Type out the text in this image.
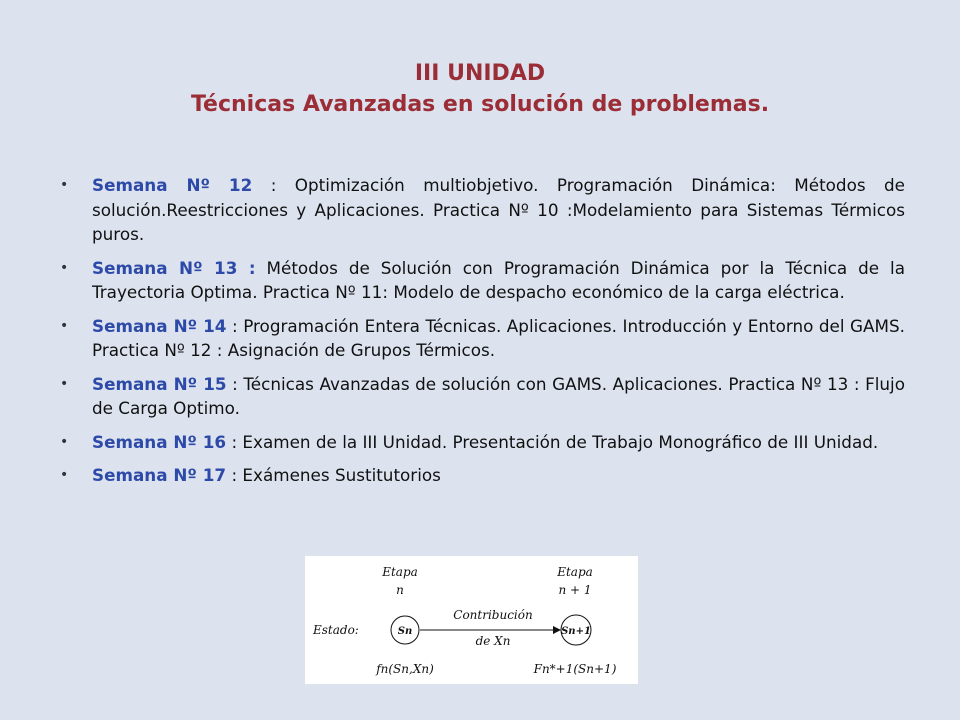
III UNIDAD
Técnicas Avanzadas en solución de problemas.
• Semana Nº 12 : Optimización multiobjetivo. Programación Dinámica: Métodos de solución.Reestricciones y Aplicaciones. Practica Nº 10 :Modelamiento para Sistemas Térmicos puros.
• Semana Nº 13 : Métodos de Solución con Programación Dinámica por la Técnica de la Trayectoria Optima. Practica Nº 11: Modelo de despacho económico de la carga eléctrica.
• Semana Nº 14 : Programación Entera Técnicas. Aplicaciones. Introducción y Entorno del GAMS. Practica Nº 12 : Asignación de Grupos Térmicos.
• Semana Nº 15 : Técnicas Avanzadas de solución con GAMS. Aplicaciones. Practica Nº 13 : Flujo de Carga Optimo.
• Semana Nº 16 : Examen de la III Unidad. Presentación de Trabajo Monográfico de III Unidad.
• Semana Nº 17 : Exámenes Sustitutorios
Etapa
n
Etapa
n + 1
Estado:	Sn	Sn+1
Contribución
de Xn
fn(Sn,Xn)	Fn*+1(Sn+1)
